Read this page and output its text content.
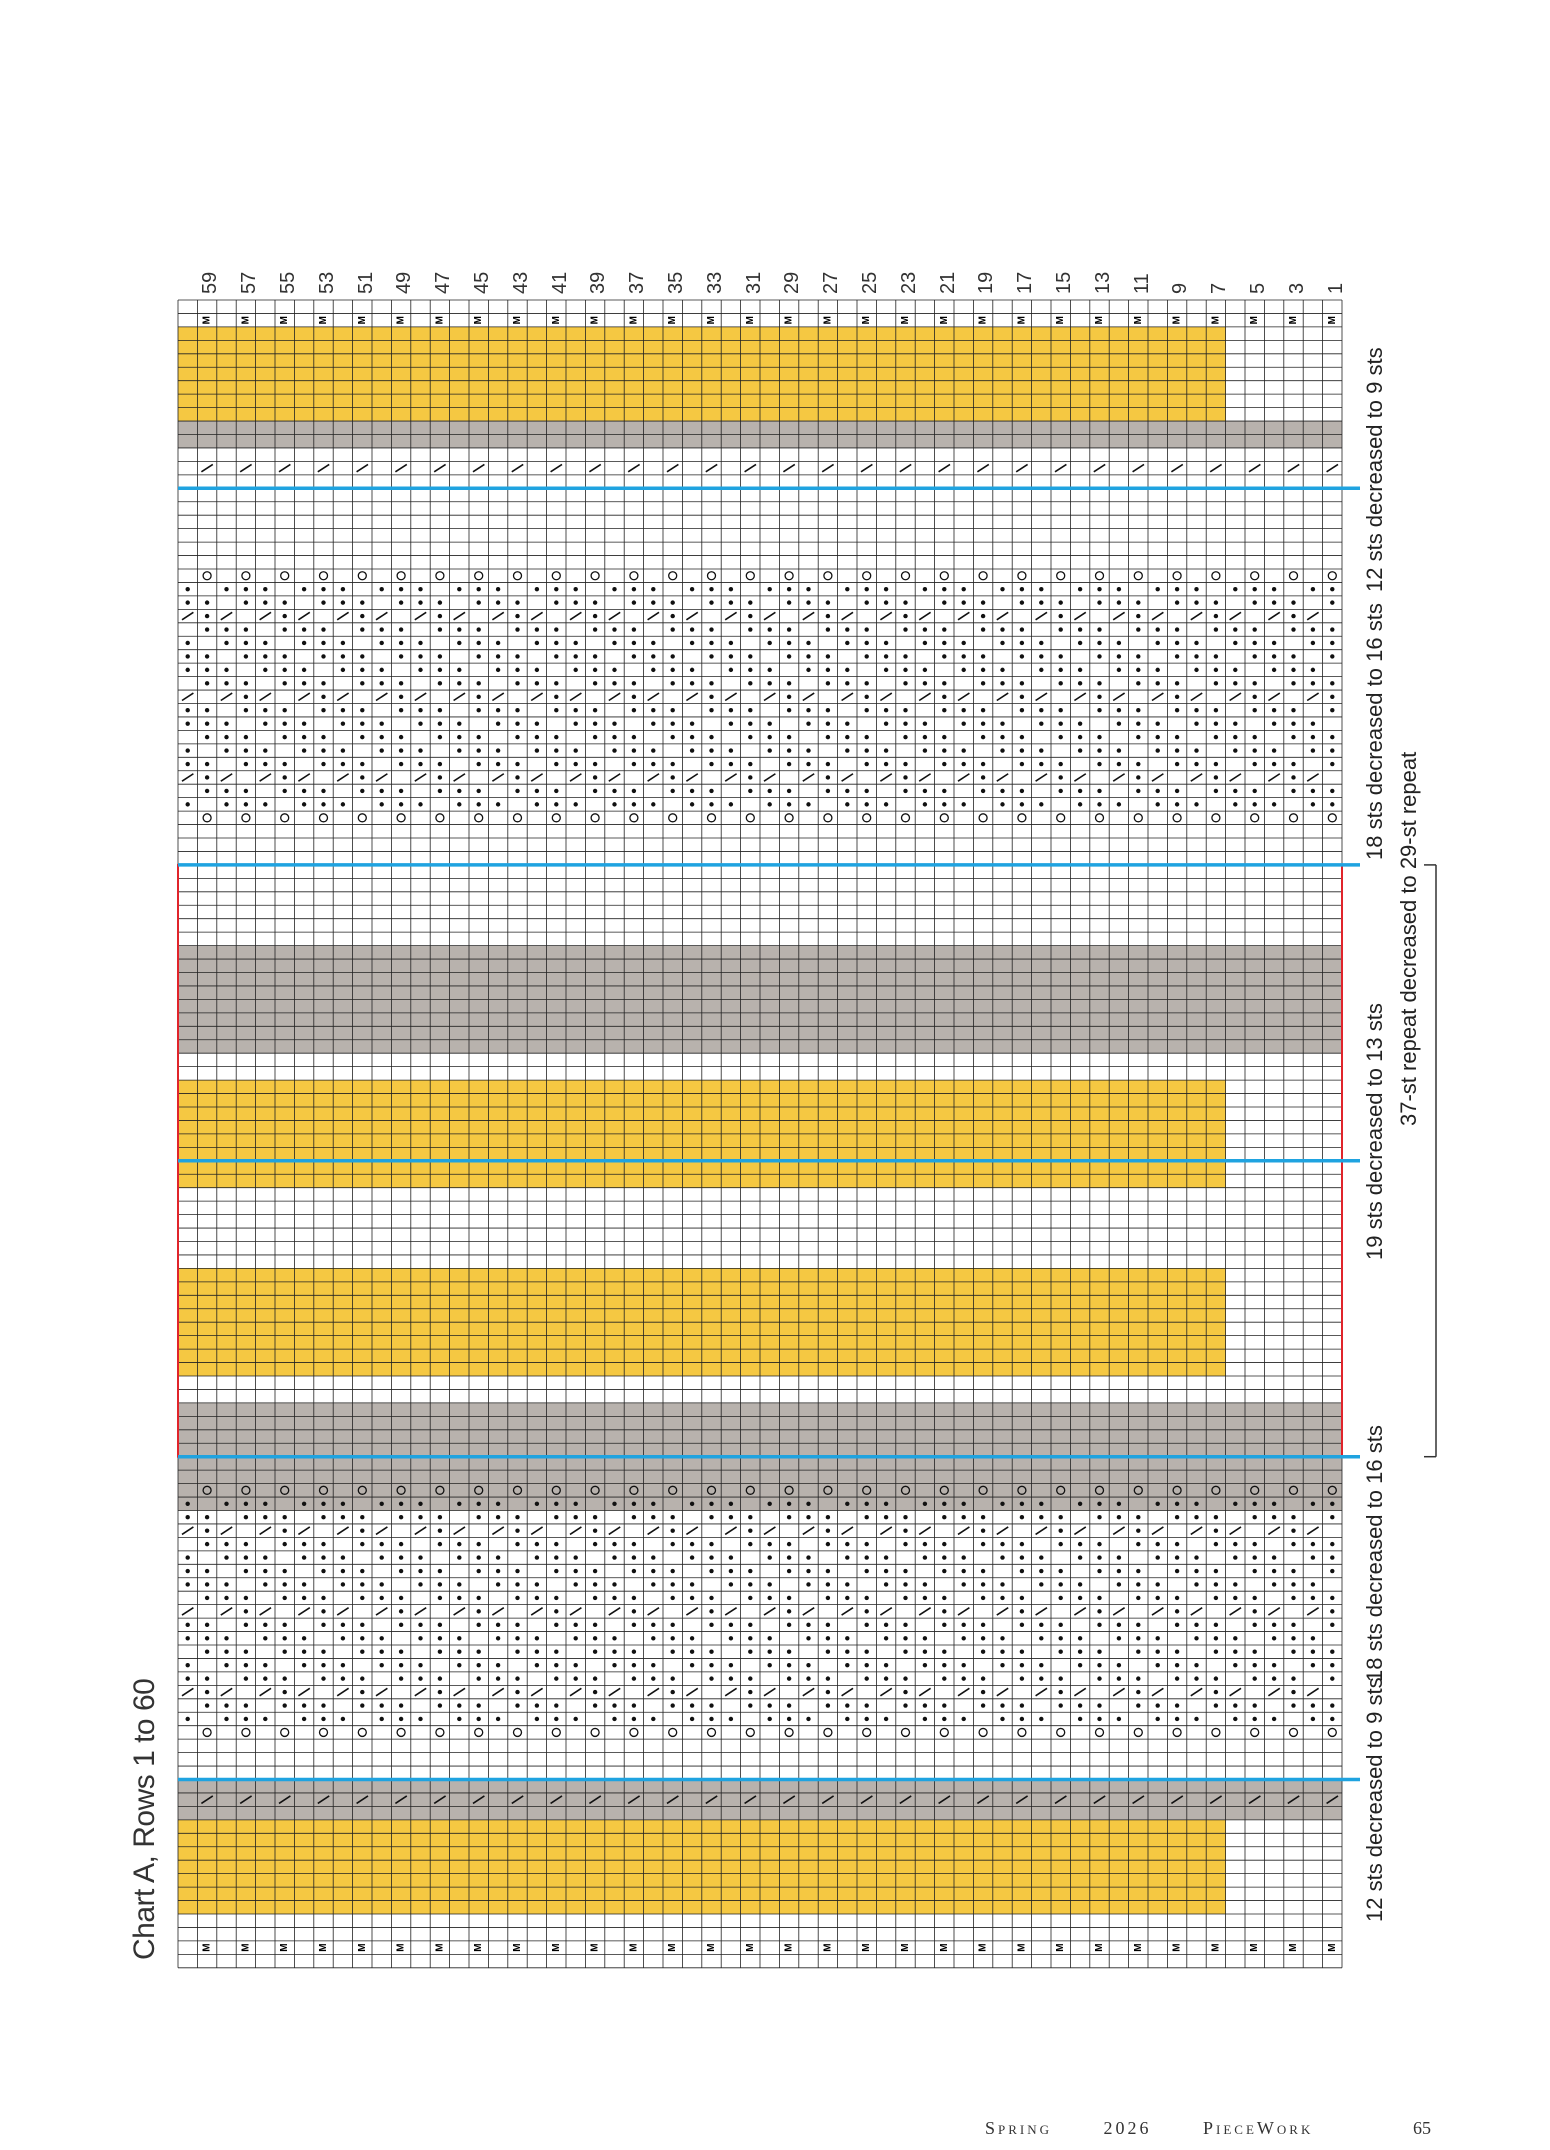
M
M
M
M
M
M
M
M
M
M
M
M
M
M
M
M
M
M
M
M
M
M
M
M
M
M
M
M
M
M
M
M
M
M
M
M
M
M
M
M
M
M
M
M
M
M
M
M
M
M
M
M
M
M
M
M
M
M
M
M
Chart A, Rows 1 to 60
1
3
5
7
9
11
13
15
17
19
21
23
25
27
29
31
33
35
37
39
41
43
45
47
49
51
53
55
57
59
12 sts decreased to 9 sts
18 sts decreased to 16 sts
19 sts decreased to 13 sts
18 sts decreased to 16 sts
12 sts decreased to 9 sts
37-st repeat decreased to 29-st repeat
Spring	2026	PieceWork	65
